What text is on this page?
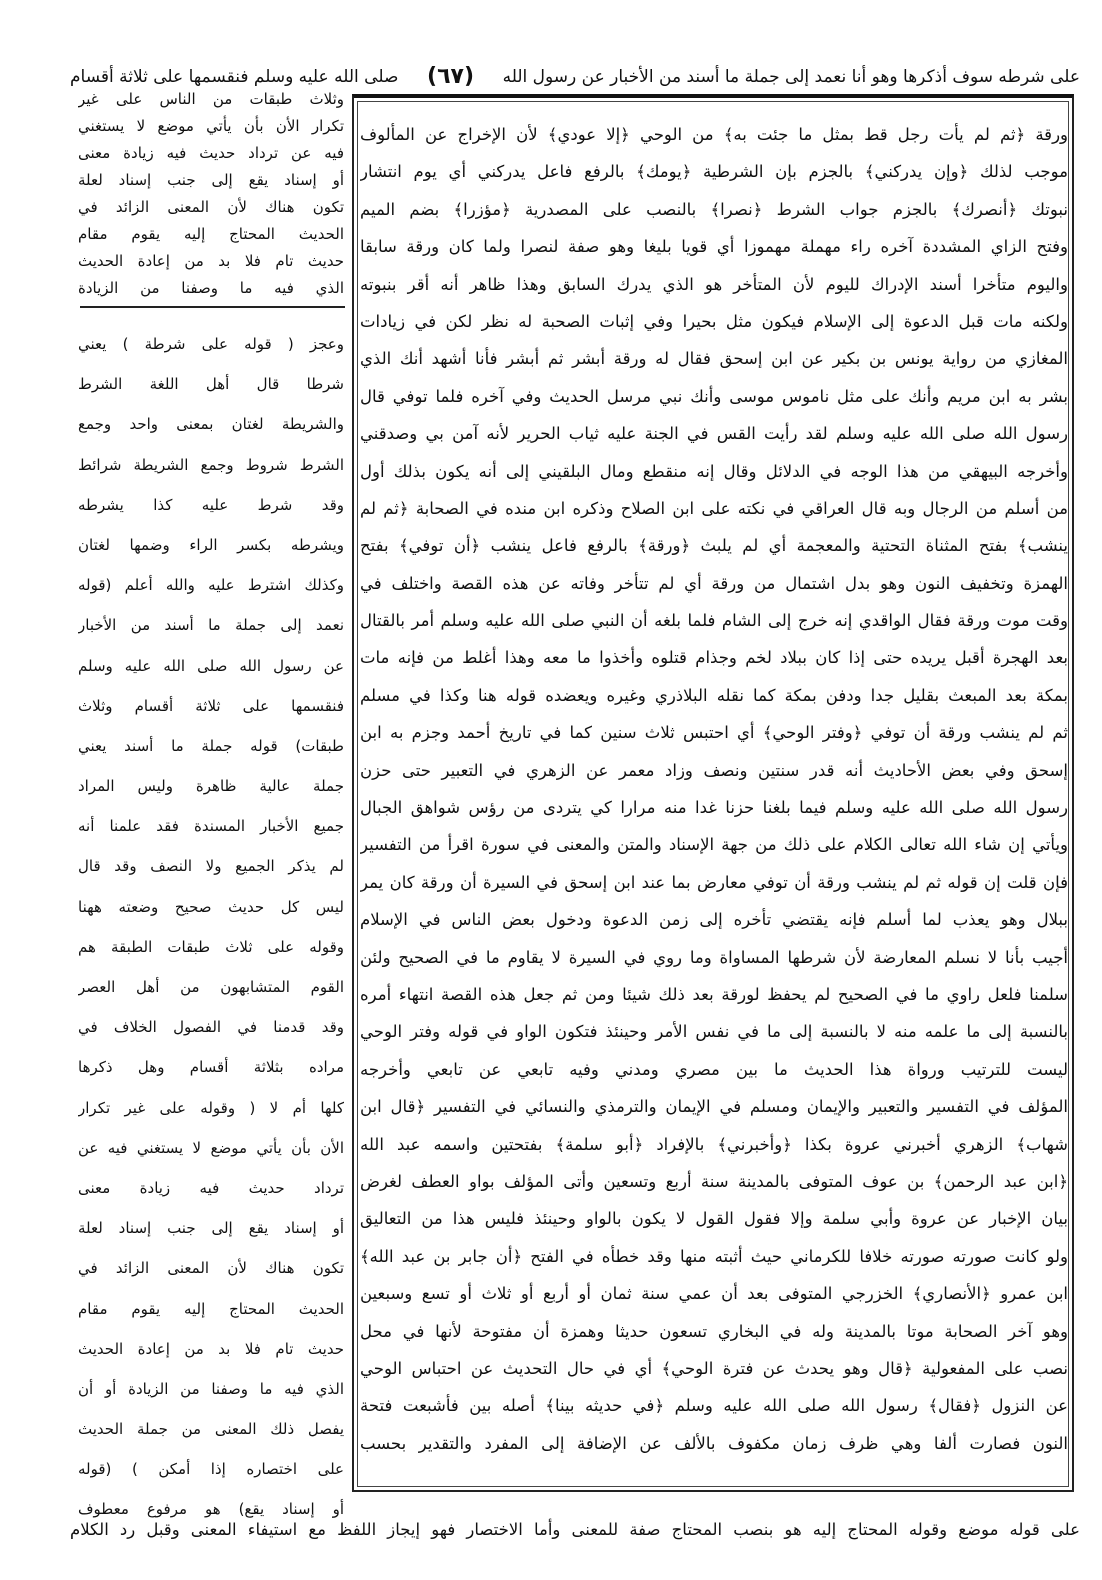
على شرطه سوف أذكرها وهو أنا نعمد إلى جملة ما أسند من الأخبار عن رسول الله
(٦٧)
صلى الله عليه وسلم فنقسمها على ثلاثة أقسام
ورقة ﴿ثم لم يأت رجل قط بمثل ما جئت به﴾ من الوحي ﴿إلا عودي﴾ لأن الإخراج عن المألوف
موجب لذلك ﴿وإن يدركني﴾ بالجزم بإن الشرطية ﴿يومك﴾ بالرفع فاعل يدركني أي يوم انتشار
نبوتك ﴿أنصرك﴾ بالجزم جواب الشرط ﴿نصرا﴾ بالنصب على المصدرية ﴿مؤزرا﴾ بضم الميم
وفتح الزاي المشددة آخره راء مهملة مهموزا أي قويا بليغا وهو صفة لنصرا ولما كان ورقة سابقا
واليوم متأخرا أسند الإدراك لليوم لأن المتأخر هو الذي يدرك السابق وهذا ظاهر أنه أقر بنبوته
ولكنه مات قبل الدعوة إلى الإسلام فيكون مثل بحيرا وفي إثبات الصحبة له نظر لكن في زيادات
المغازي من رواية يونس بن بكير عن ابن إسحق فقال له ورقة أبشر ثم أبشر فأنا أشهد أنك الذي
بشر به ابن مريم وأنك على مثل ناموس موسى وأنك نبي مرسل الحديث وفي آخره فلما توفي قال
رسول الله صلى الله عليه وسلم لقد رأيت القس في الجنة عليه ثياب الحرير لأنه آمن بي وصدقني
وأخرجه البيهقي من هذا الوجه في الدلائل وقال إنه منقطع ومال البلقيني إلى أنه يكون بذلك أول
من أسلم من الرجال وبه قال العراقي في نكته على ابن الصلاح وذكره ابن منده في الصحابة ﴿ثم لم
ينشب﴾ بفتح المثناة التحتية والمعجمة أي لم يلبث ﴿ورقة﴾ بالرفع فاعل ينشب ﴿أن توفي﴾ بفتح
الهمزة وتخفيف النون وهو بدل اشتمال من ورقة أي لم تتأخر وفاته عن هذه القصة واختلف في
وقت موت ورقة فقال الواقدي إنه خرج إلى الشام فلما بلغه أن النبي صلى الله عليه وسلم أمر بالقتال
بعد الهجرة أقبل يريده حتى إذا كان ببلاد لخم وجذام قتلوه وأخذوا ما معه وهذا أغلط من فإنه مات
بمكة بعد المبعث بقليل جدا ودفن بمكة كما نقله البلاذري وغيره ويعضده قوله هنا وكذا في مسلم
ثم لم ينشب ورقة أن توفي ﴿وفتر الوحي﴾ أي احتبس ثلاث سنين كما في تاريخ أحمد وجزم به ابن
إسحق وفي بعض الأحاديث أنه قدر سنتين ونصف وزاد معمر عن الزهري في التعبير حتى حزن
رسول الله صلى الله عليه وسلم فيما بلغنا حزنا غدا منه مرارا كي يتردى من رؤس شواهق الجبال
ويأتي إن شاء الله تعالى الكلام على ذلك من جهة الإسناد والمتن والمعنى في سورة اقرأ من التفسير
فإن قلت إن قوله ثم لم ينشب ورقة أن توفي معارض بما عند ابن إسحق في السيرة أن ورقة كان يمر
ببلال وهو يعذب لما أسلم فإنه يقتضي تأخره إلى زمن الدعوة ودخول بعض الناس في الإسلام
أجيب بأنا لا نسلم المعارضة لأن شرطها المساواة وما روي في السيرة لا يقاوم ما في الصحيح ولئن
سلمنا فلعل راوي ما في الصحيح لم يحفظ لورقة بعد ذلك شيئا ومن ثم جعل هذه القصة انتهاء أمره
بالنسبة إلى ما علمه منه لا بالنسبة إلى ما في نفس الأمر وحينئذ فتكون الواو في قوله وفتر الوحي
ليست للترتيب ورواة هذا الحديث ما بين مصري ومدني وفيه تابعي عن تابعي وأخرجه
المؤلف في التفسير والتعبير والإيمان ومسلم في الإيمان والترمذي والنسائي في التفسير ﴿قال ابن
شهاب﴾ الزهري أخبرني عروة بكذا ﴿وأخبرني﴾ بالإفراد ﴿أبو سلمة﴾ بفتحتين واسمه عبد الله
﴿ابن عبد الرحمن﴾ بن عوف المتوفى بالمدينة سنة أربع وتسعين وأتى المؤلف بواو العطف لغرض
بيان الإخبار عن عروة وأبي سلمة وإلا فقول القول لا يكون بالواو وحينئذ فليس هذا من التعاليق
ولو كانت صورته صورته خلافا للكرماني حيث أثبته منها وقد خطأه في الفتح ﴿أن جابر بن عبد الله﴾
ابن عمرو ﴿الأنصاري﴾ الخزرجي المتوفى بعد أن عمي سنة ثمان أو أربع أو ثلاث أو تسع وسبعين
وهو آخر الصحابة موتا بالمدينة وله في البخاري تسعون حديثا وهمزة أن مفتوحة لأنها في محل
نصب على المفعولية ﴿قال وهو يحدث عن فترة الوحي﴾ أي في حال التحديث عن احتباس الوحي
عن النزول ﴿فقال﴾ رسول الله صلى الله عليه وسلم ﴿في حديثه بينا﴾ أصله بين فأشبعت فتحة
النون فصارت ألفا وهي ظرف زمان مكفوف بالألف عن الإضافة إلى المفرد والتقدير بحسب
وثلاث طبقات من الناس على غير
تكرار الأن بأن يأتي موضع لا يستغني
فيه عن ترداد حديث فيه زيادة معنى
أو إسناد يقع إلى جنب إسناد لعلة
تكون هناك لأن المعنى الزائد في
الحديث المحتاج إليه يقوم مقام
حديث تام فلا بد من إعادة الحديث
الذي فيه ما وصفنا من الزيادة
وعجز ( قوله على شرطة ) يعني
شرطا قال أهل اللغة الشرط
والشريطة لغتان بمعنى واحد وجمع
الشرط شروط وجمع الشريطة شرائط
وقد شرط عليه كذا يشرطه
ويشرطه بكسر الراء وضمها لغتان
وكذلك اشترط عليه والله أعلم (قوله
نعمد إلى جملة ما أسند من الأخبار
عن رسول الله صلى الله عليه وسلم
فنقسمها على ثلاثة أقسام وثلاث
طبقات) قوله جملة ما أسند يعني
جملة عالية ظاهرة وليس المراد
جميع الأخبار المسندة فقد علمنا أنه
لم يذكر الجميع ولا النصف وقد قال
ليس كل حديث صحيح وضعته ههنا
وقوله على ثلاث طبقات الطبقة هم
القوم المتشابهون من أهل العصر
وقد قدمنا في الفصول الخلاف في
مراده بثلاثة أقسام وهل ذكرها
كلها أم لا ( وقوله على غير تكرار
الأن بأن يأتي موضع لا يستغني فيه عن
ترداد حديث فيه زيادة معنى
أو إسناد يقع إلى جنب إسناد لعلة
تكون هناك لأن المعنى الزائد في
الحديث المحتاج إليه يقوم مقام
حديث تام فلا بد من إعادة الحديث
الذي فيه ما وصفنا من الزيادة أو أن
يفصل ذلك المعنى من جملة الحديث
على اختصاره إذا أمكن ) (قوله
أو إسناد يقع) هو مرفوع معطوف
على قوله موضع وقوله المحتاج إليه هو بنصب المحتاج صفة للمعنى وأما الاختصار فهو إيجاز اللفظ مع استيفاء المعنى وقبل رد الكلام
